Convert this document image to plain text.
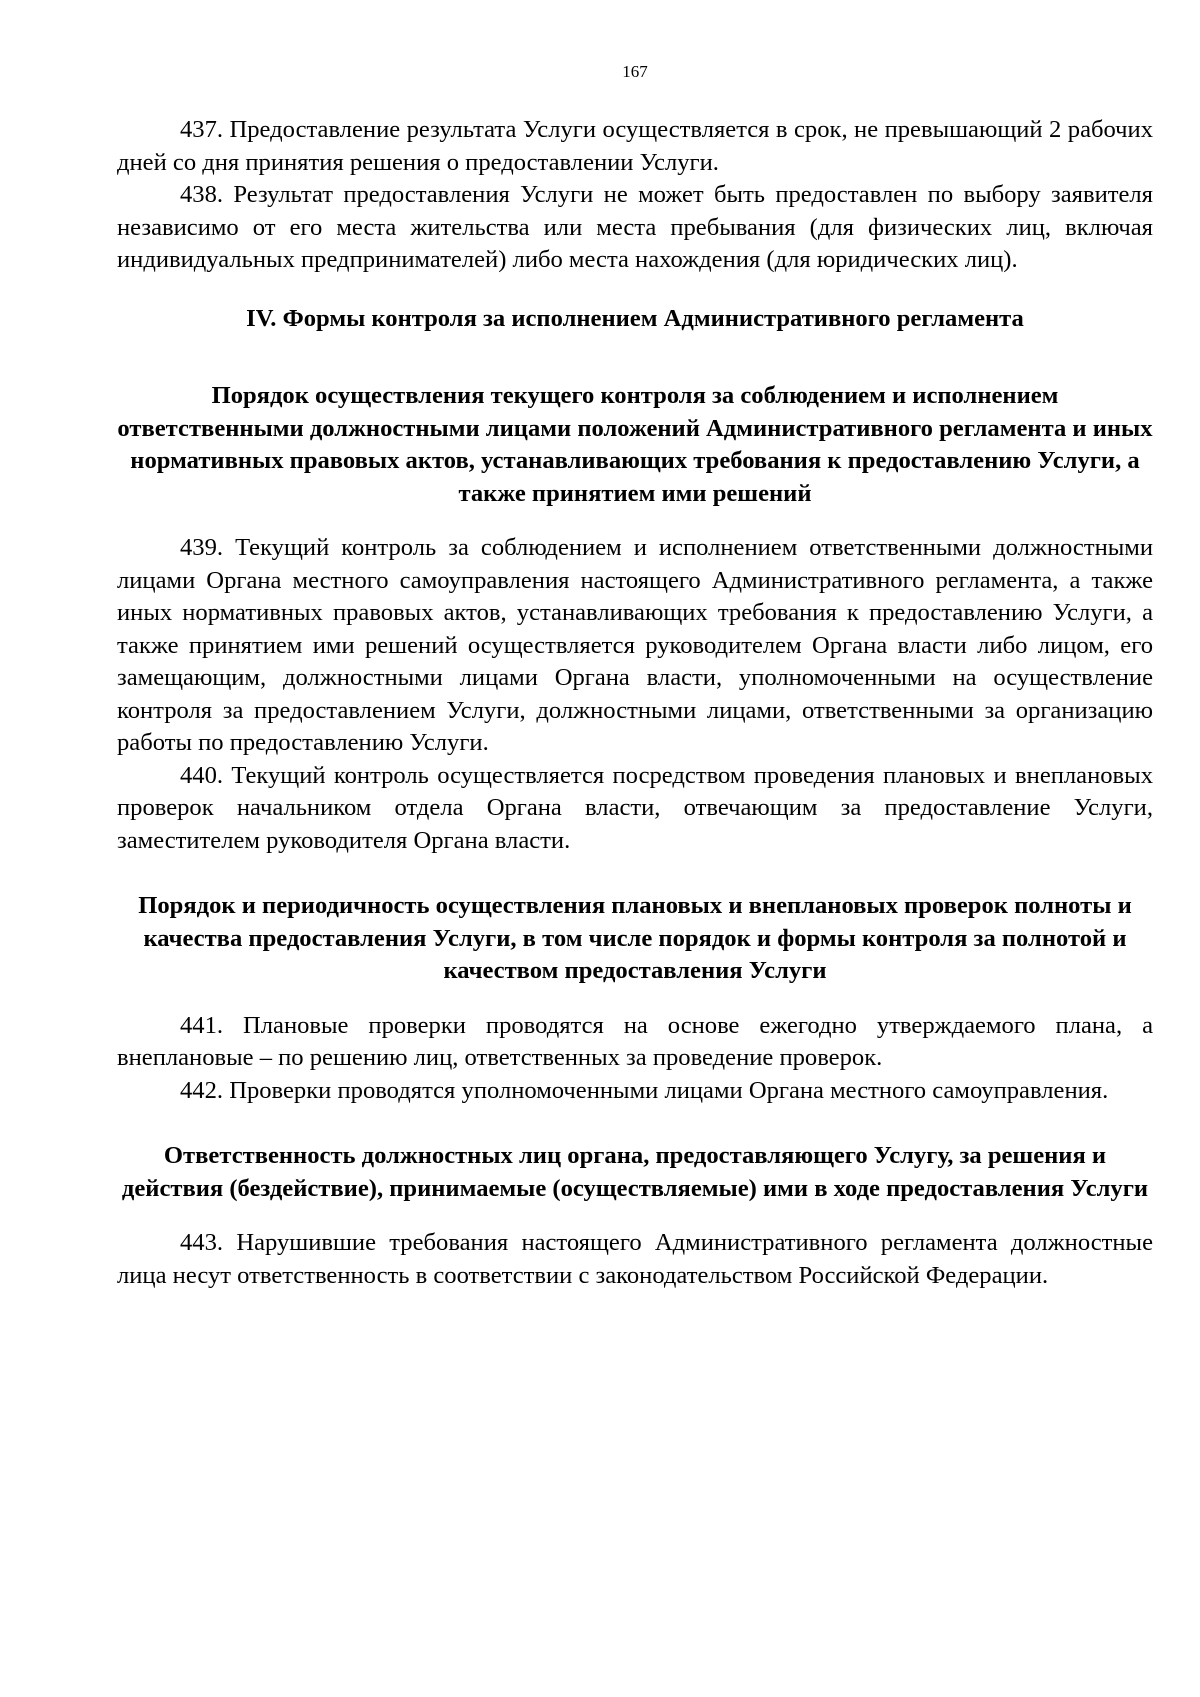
167

437. Предоставление результата Услуги осуществляется в срок, не превышающий 2 рабочих дней со дня принятия решения о предоставлении Услуги.

438. Результат предоставления Услуги не может быть предоставлен по выбору заявителя независимо от его места жительства или места пребывания (для физических лиц, включая индивидуальных предпринимателей) либо места нахождения (для юридических лиц).

IV. Формы контроля за исполнением Административного регламента
Порядок осуществления текущего контроля за соблюдением и исполнением ответственными должностными лицами положений Административного регламента и иных нормативных правовых актов, устанавливающих требования к предоставлению Услуги, а также принятием ими решений

439. Текущий контроль за соблюдением и исполнением ответственными должностными лицами Органа местного самоуправления настоящего Административного регламента, а также иных нормативных правовых актов, устанавливающих требования к предоставлению Услуги, а также принятием ими решений осуществляется руководителем Органа власти либо лицом, его замещающим, должностными лицами Органа власти, уполномоченными на осуществление контроля за предоставлением Услуги, должностными лицами, ответственными за организацию работы по предоставлению Услуги.

440. Текущий контроль осуществляется посредством проведения плановых и внеплановых проверок начальником отдела Органа власти, отвечающим за предоставление Услуги, заместителем руководителя Органа власти.

Порядок и периодичность осуществления плановых и внеплановых проверок полноты и качества предоставления Услуги, в том числе порядок и формы контроля за полнотой и качеством предоставления Услуги

441. Плановые проверки проводятся на основе ежегодно утверждаемого плана, а внеплановые – по решению лиц, ответственных за проведение проверок.

442. Проверки проводятся уполномоченными лицами Органа местного самоуправления.

Ответственность должностных лиц органа, предоставляющего Услугу, за решения и действия (бездействие), принимаемые (осуществляемые) ими в ходе предоставления Услуги

443. Нарушившие требования настоящего Административного регламента должностные лица несут ответственность в соответствии с законодательством Российской Федерации.
